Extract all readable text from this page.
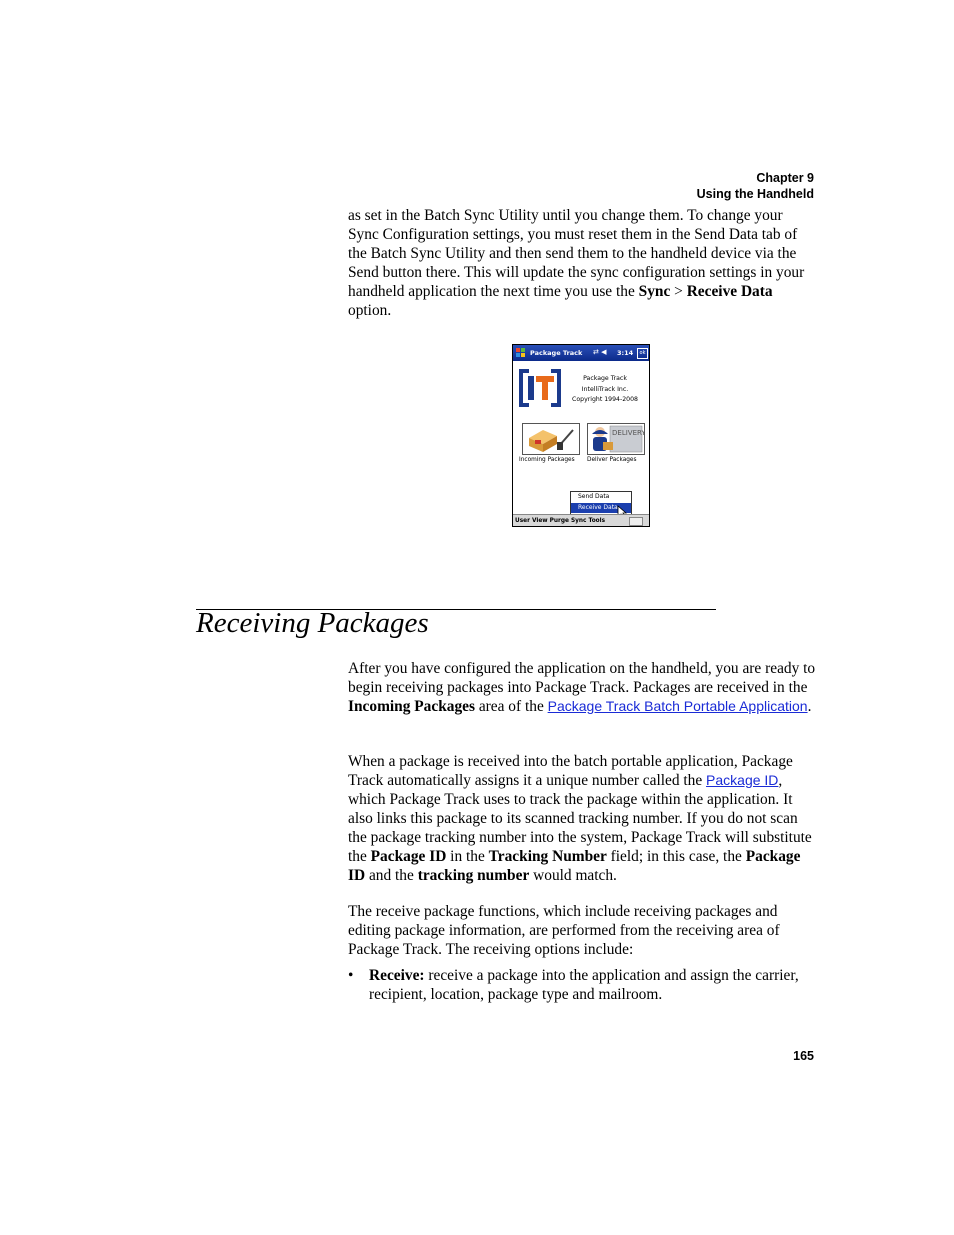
Chapter 9
Using the Handheld

as set in the Batch Sync Utility until you change them. To change your Sync Configuration settings, you must reset them in the Send Data tab of the Batch Sync Utility and then send them to the handheld device via the Send button there. This will update the sync configuration settings in your handheld application the next time you use the Sync > Receive Data option.

Package Track ⇄ ◀︎ 3:14	ok
Package Track
IntelliTrack Inc.
Copyright 1994-2008
DELIVERY
Incoming Packages Deliver Packages
Send Data
Receive Data
User View Purge Sync Tools
Receiving Packages

After you have configured the application on the handheld, you are ready to begin receiving packages into Package Track. Packages are received in the Incoming Packages area of the Package Track Batch Portable Application.

When a package is received into the batch portable application, Package Track automatically assigns it a unique number called the Package ID, which Package Track uses to track the package within the application. It also links this package to its scanned tracking number. If you do not scan the package tracking number into the system, Package Track will substitute the Package ID in the Tracking Number field; in this case, the Package ID and the tracking number would match.

The receive package functions, which include receiving packages and editing package information, are performed from the receiving area of Package Track. The receiving options include:

• Receive: receive a package into the application and assign the carrier, recipient, location, package type and mailroom.

165
